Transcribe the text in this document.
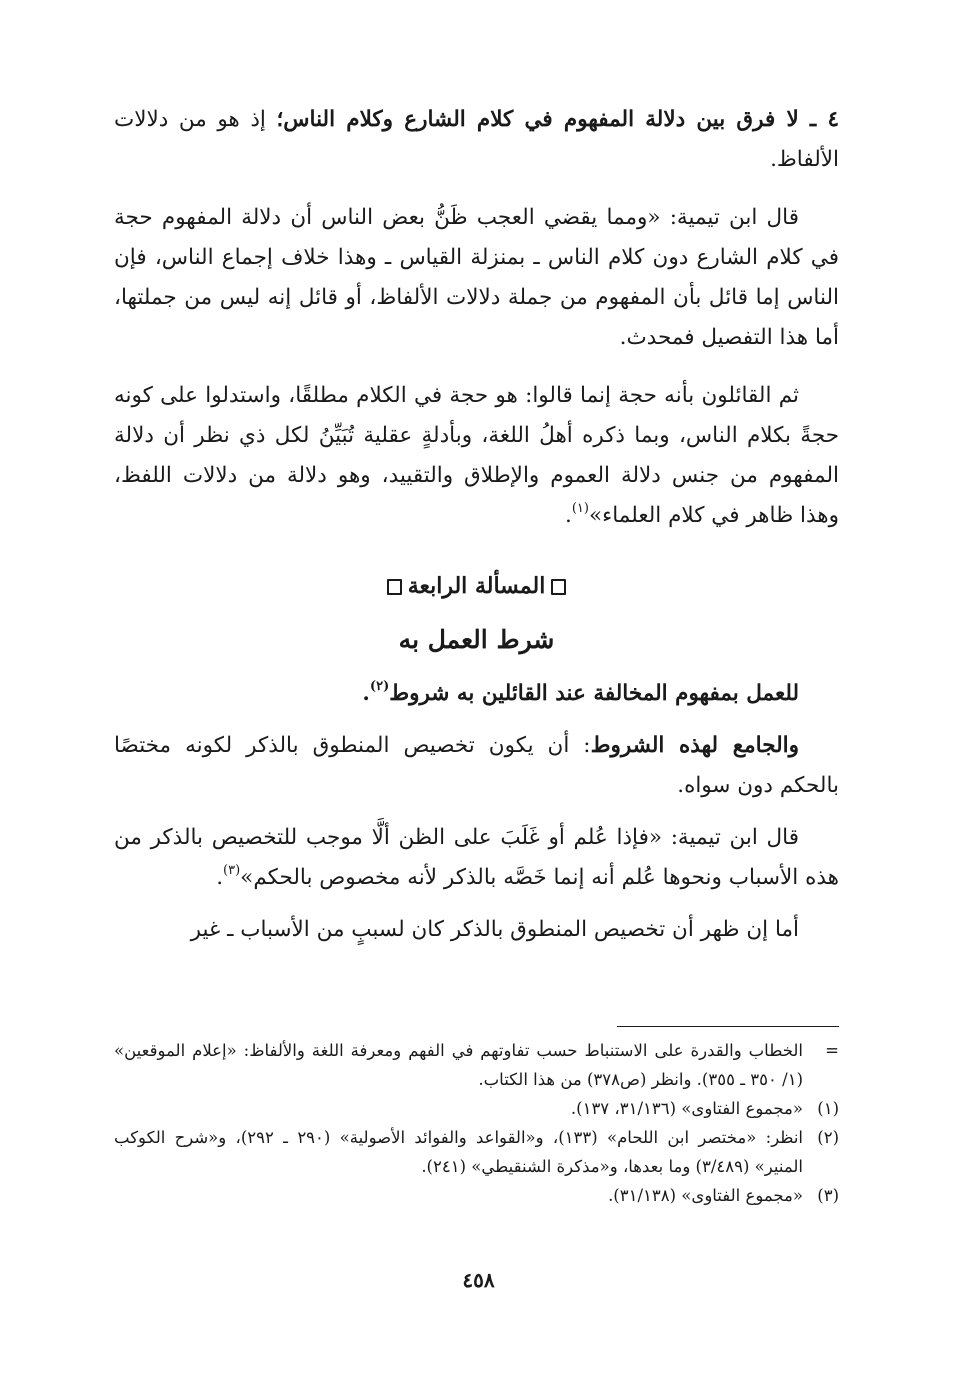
٤ ـ لا فرق بين دلالة المفهوم في كلام الشارع وكلام الناس؛ إذ هو من دلالات الألفاظ.

قال ابن تيمية: «ومما يقضي العجب ظَنُّ بعض الناس أن دلالة المفهوم حجة في كلام الشارع دون كلام الناس ـ بمنزلة القياس ـ وهذا خلاف إجماع الناس، فإن الناس إما قائل بأن المفهوم من جملة دلالات الألفاظ، أو قائل إنه ليس من جملتها، أما هذا التفصيل فمحدث.

ثم القائلون بأنه حجة إنما قالوا: هو حجة في الكلام مطلقًا، واستدلوا على كونه حجةً بكلام الناس، وبما ذكره أهلُ اللغة، وبأدلةٍ عقلية تُبَيِّنُ لكل ذي نظر أن دلالة المفهوم من جنس دلالة العموم والإطلاق والتقييد، وهو دلالة من دلالات اللفظ، وهذا ظاهر في كلام العلماء»$^{(١)}$.

المسألة الرابعة
شرط العمل به

للعمل بمفهوم المخالفة عند القائلين به شروط$^{(٢)}$.

والجامع لهذه الشروط: أن يكون تخصيص المنطوق بالذكر لكونه مختصًا بالحكم دون سواه.

قال ابن تيمية: «فإذا عُلم أو غَلَبَ على الظن ألَّا موجب للتخصيص بالذكر من هذه الأسباب ونحوها عُلم أنه إنما خَصَّه بالذكر لأنه مخصوص بالحكم»$^{(٣)}$.

أما إن ظهر أن تخصيص المنطوق بالذكر كان لسببٍ من الأسباب ـ غير

=
الخطاب والقدرة على الاستنباط حسب تفاوتهم في الفهم ومعرفة اللغة والألفاظ: «إعلام الموقعين» (١/ ٣٥٠ ـ ٣٥٥). وانظر (ص٣٧٨) من هذا الكتاب.
(١)
«مجموع الفتاوى» (٣١/١٣٦، ١٣٧).
(٢)
انظر: «مختصر ابن اللحام» (١٣٣)، و«القواعد والفوائد الأصولية» (٢٩٠ ـ ٢٩٢)، و«شرح الكوكب المنير» (٣/٤٨٩) وما بعدها، و«مذكرة الشنقيطي» (٢٤١).
(٣)
«مجموع الفتاوى» (٣١/١٣٨).
٤٥٨
